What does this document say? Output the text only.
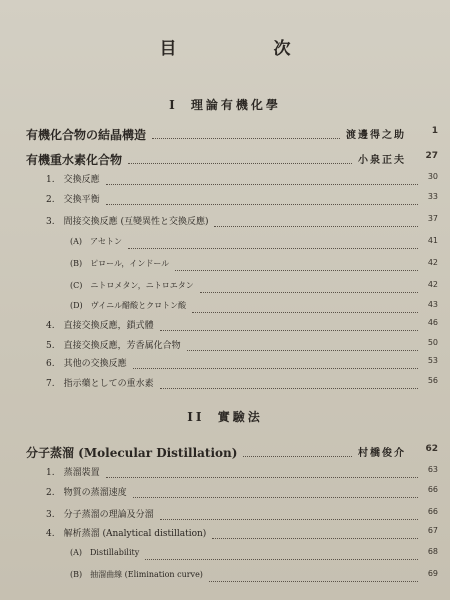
目　次
I 理論有機化學
有機化合物の結晶構造	渡邊得之助	1
有機重水素化合物	小泉正夫 27
1.　交換反應	30
2.　交換平衡	33
3.　間接交換反應 (互變異性と交換反應)	37
(A)　アセトン	41
(B)　ピロール，インドール	42
(C)　ニトロメタン，ニトロエタン	42
(D)　ヴイニル醋酸とクロトン酸	43
4.　直接交換反應，鎖式體	46
5.　直接交換反應，芳香属化合物	50
6.　其他の交換反應	53
7.　指示藥としての重水素	56
分子蒸溜 (Molecular Distillation)	村橋俊介 62
1.　蒸溜裝置	63
2.　物質の蒸溜速度	66
3.　分子蒸溜の理論及分溜	66
4.　解析蒸溜 (Analytical distillation)	67
(A)　Distillability	68
(B)　抽溜曲線 (Elimination curve)	69
II 實驗法
